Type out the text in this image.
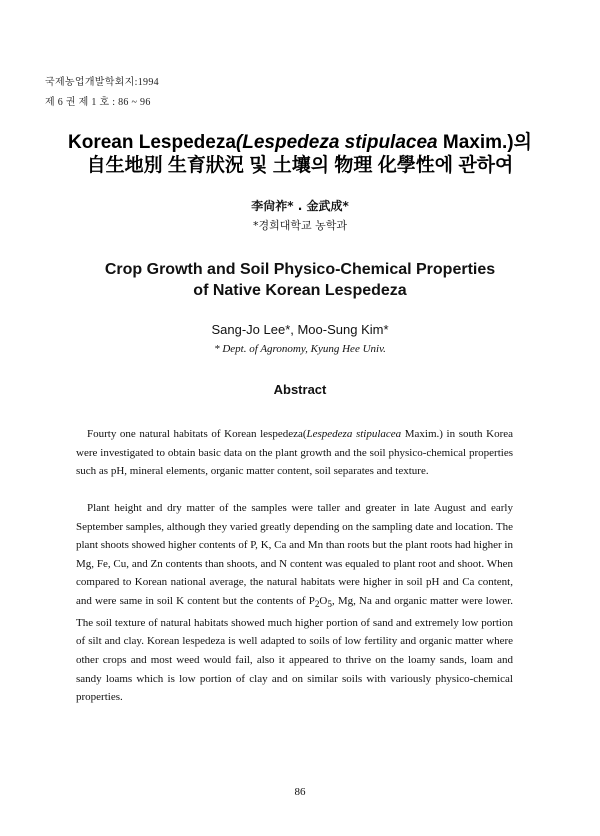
국제농업개발학회지:1994
제 6 권 제 1 호 : 86 ~ 96
Korean Lespedeza(Lespedeza stipulacea Maxim.)의
自生地別 生育狀況 및 土壤의 物理 化學性에 관하여
李尙祚* . 金武成*
*경희대학교 농학과
Crop Growth and Soil Physico-Chemical Properties
of Native Korean Lespedeza
Sang-Jo Lee*, Moo-Sung Kim*
* Dept. of Agronomy, Kyung Hee Univ.
Abstract
Fourty one natural habitats of Korean lespedeza(Lespedeza stipulacea Maxim.) in south Korea were investigated to obtain basic data on the plant growth and the soil physico-chemical properties such as pH, mineral elements, organic matter content, soil separates and texture.
Plant height and dry matter of the samples were taller and greater in late August and early September samples, although they varied greatly depending on the sampling date and location. The plant shoots showed higher contents of P, K, Ca and Mn than roots but the plant roots had higher in Mg, Fe, Cu, and Zn contents than shoots, and N content was equaled to plant root and shoot. When compared to Korean national average, the natural habitats were higher in soil pH and Ca content, and were same in soil K content but the contents of $P_2O_5$, Mg, Na and organic matter were lower. The soil texture of natural habitats showed much higher portion of sand and extremely low portion of silt and clay. Korean lespedeza is well adapted to soils of low fertility and organic matter where other crops and most weed would fail, also it appeared to thrive on the loamy sands, loam and sandy loams which is low portion of clay and on similar soils with variously physico-chemical properties.
86
